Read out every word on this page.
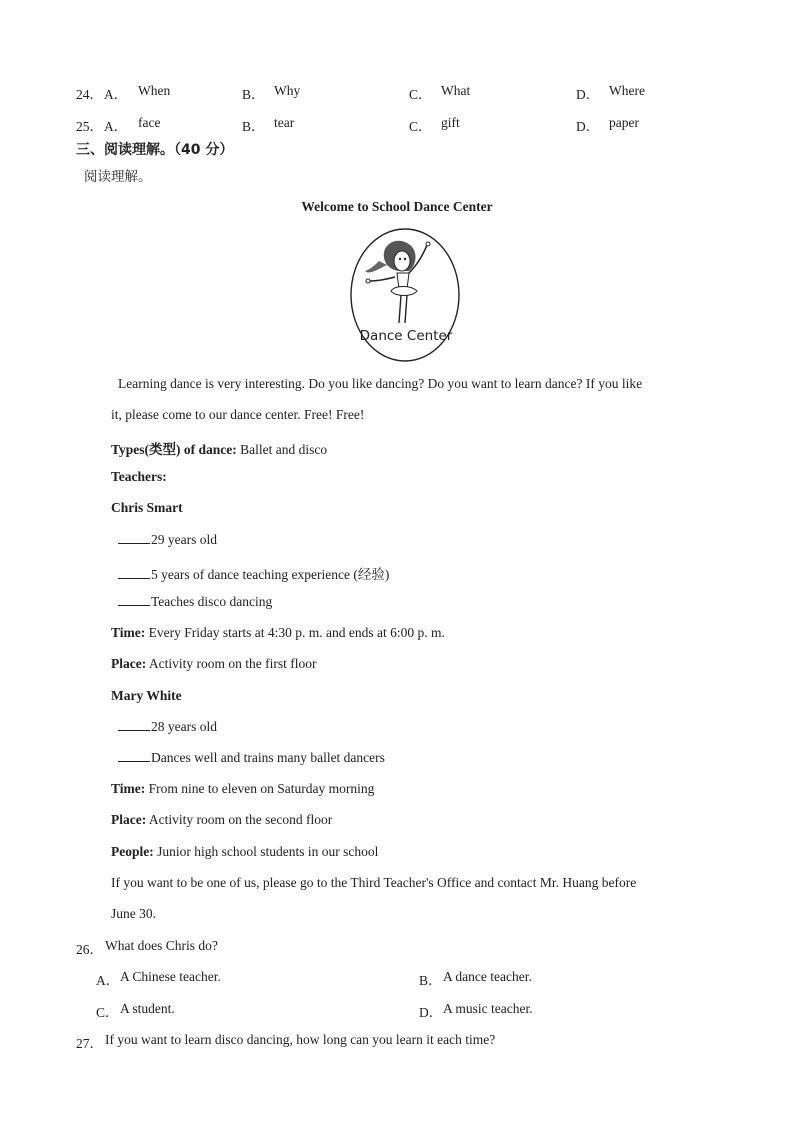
24． A． When	B． Why	C． What	D． Where
25． A． face	B． tear	C． gift	D． paper
三、阅读理解。（40 分）
阅读理解。
Welcome to School Dance Center
Dance Center
Learning dance is very interesting. Do you like dancing? Do you want to learn dance? If you like
it, please come to our dance center. Free! Free!
Types(类型) of dance: Ballet and disco
Teachers:
Chris Smart
29 years old
5 years of dance teaching experience (经验)
Teaches disco dancing
Time: Every Friday starts at 4:30 p. m. and ends at 6:00 p. m.
Place: Activity room on the first floor
Mary White
28 years old
Dances well and trains many ballet dancers
Time: From nine to eleven on Saturday morning
Place: Activity room on the second floor
People: Junior high school students in our school
If you want to be one of us, please go to the Third Teacher's Office and contact Mr. Huang before
June 30.
26． What does Chris do?
A． A Chinese teacher.	B． A dance teacher.
C． A student.	D． A music teacher.
27． If you want to learn disco dancing, how long can you learn it each time?
